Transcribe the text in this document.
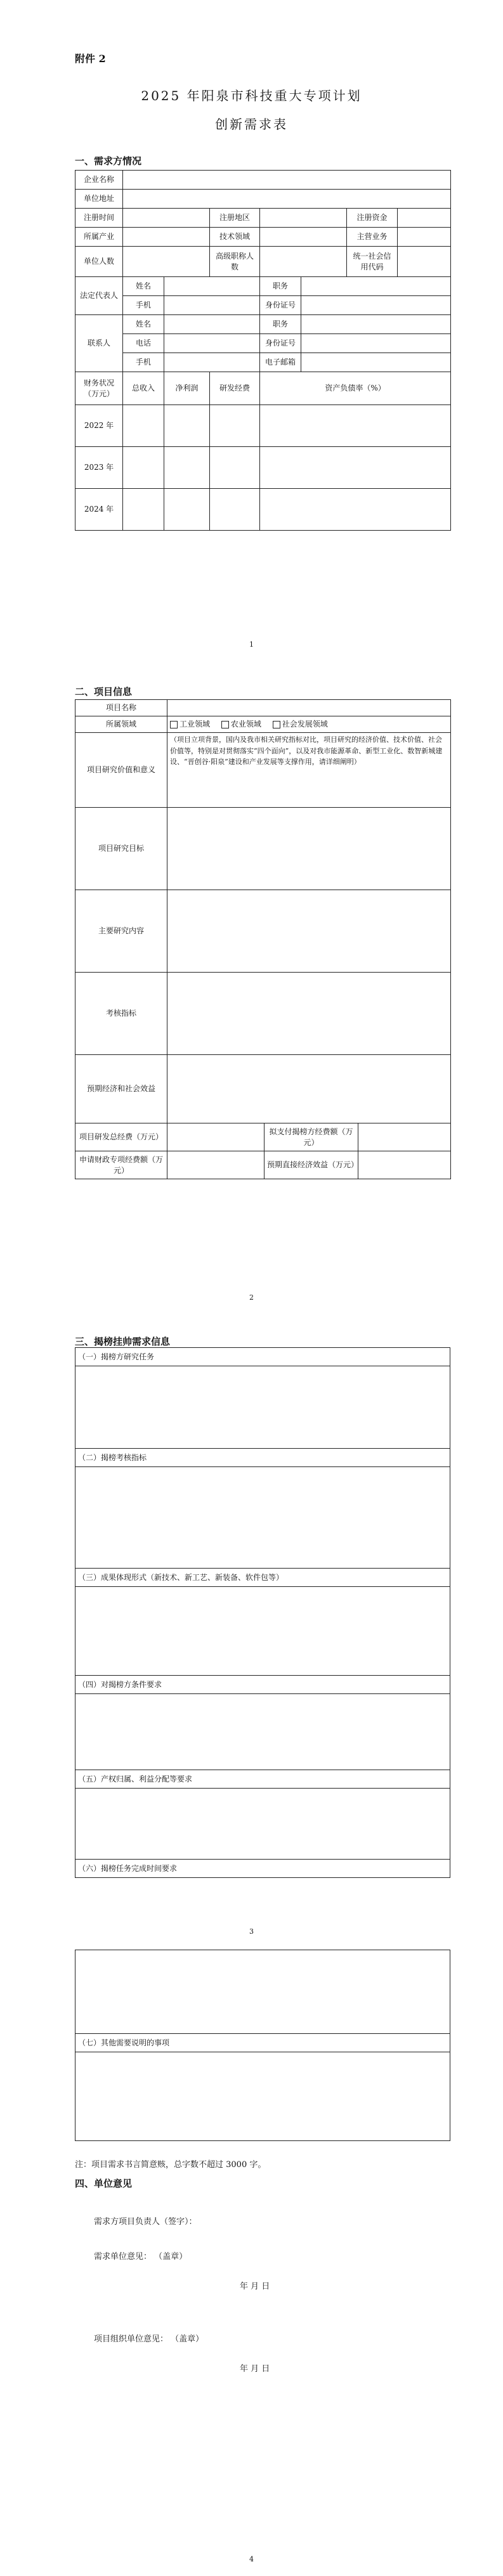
附件 2
2025 年阳泉市科技重大专项计划
创新需求表
一、需求方情况
企业名称							
单位地址							
注册时间			注册地区			注册资金	
所属产业			技术领域			主营业务	
单位人数			高级职称人数			统一社会信用代码	
法定代表人	姓名			职务			
	手机			身份证号			
联系人	姓名			职务			
	电话			身份证号			
	手机			电子邮箱			
财务状况（万元）	总收入	净利润	研发经费	资产负债率（%）			
2022 年							
2023 年							
2024 年							
1
二、项目信息
项目名称			
所属领域	工业领域 农业领域 社会发展领域		
项目研究价值和意义	（项目立项背景，国内及我市相关研究指标对比，项目研究的经济价值、技术价值、社会价值等，特别是对贯彻落实“四个面向”，以及对我市能源革命、新型工业化、数智新城建设、“晋创谷·阳泉”建设和产业发展等支撑作用，请详细阐明）		

项目研究目标			
主要研究内容			
考核指标			
预期经济和社会效益			
项目研发总经费（万元）		拟支付揭榜方经费额（万元）	
申请财政专项经费额（万元）		预期直接经济效益（万元）	
2
三、揭榜挂帅需求信息
（一）揭榜方研究任务

（二）揭榜考核指标

（三）成果体现形式（新技术、新工艺、新装备、软件包等）

（四）对揭榜方条件要求

（五）产权归属、利益分配等要求

（六）揭榜任务完成时间要求
3

（七）其他需要说明的事项

注：项目需求书言简意赅，总字数不超过 3000 字。
四、单位意见
需求方项目负责人（签字）：
需求单位意见： （盖章）
年 月 日
项目组织单位意见： （盖章）
年 月 日
4
